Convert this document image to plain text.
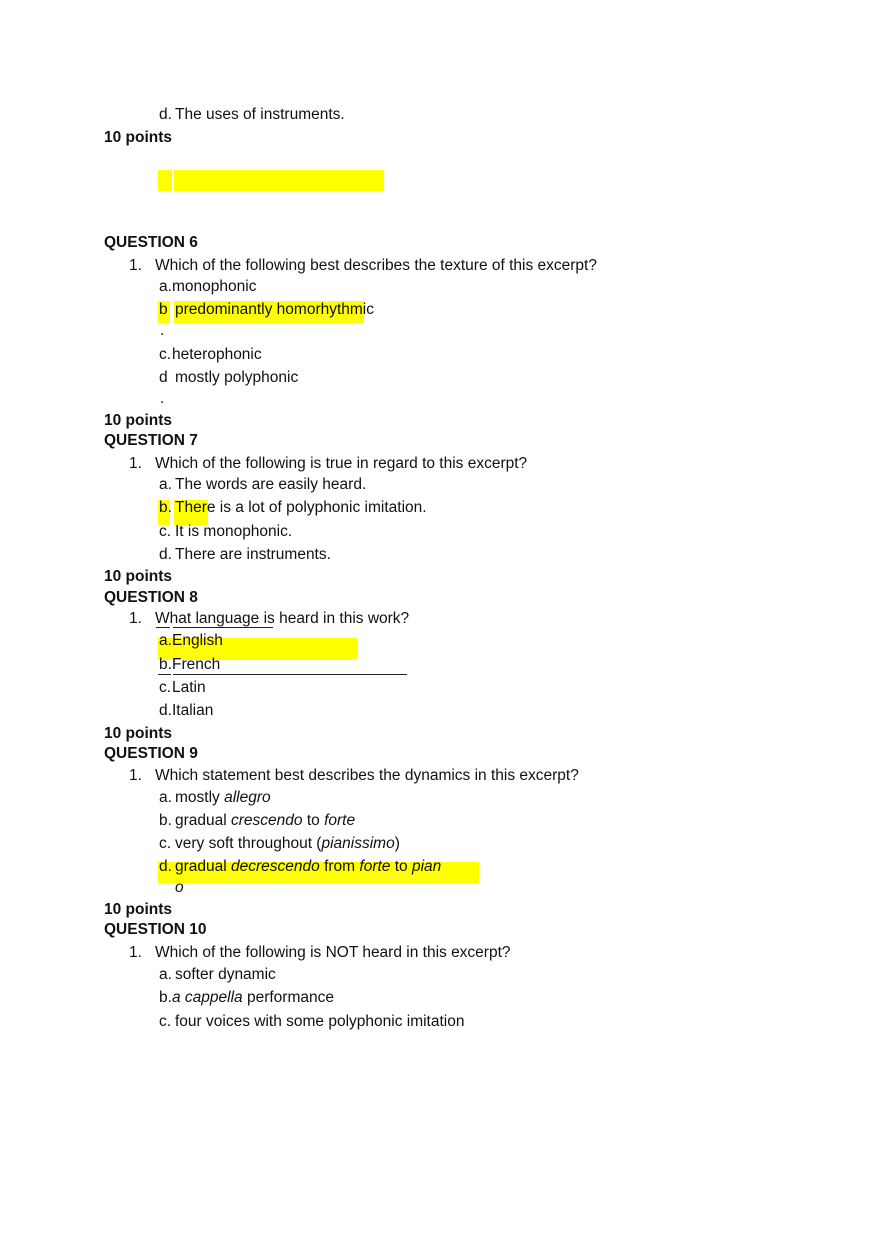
d. The uses of instruments.
10 points
QUESTION 6
1. Which of the following best describes the texture of this excerpt?
a. monophonic
b predominantly homorhythmic
.
c. heterophonic
d mostly polyphonic
.
10 points
QUESTION 7
1. Which of the following is true in regard to this excerpt?
a. The words are easily heard.
b. There is a lot of polyphonic imitation.
c. It is monophonic.
d. There are instruments.
10 points
QUESTION 8
1. What language is heard in this work?
a. English
b. French
c. Latin
d. Italian
10 points
QUESTION 9
1. Which statement best describes the dynamics in this excerpt?
a. mostly allegro
b. gradual crescendo to forte
c. very soft throughout (pianissimo)
d. gradual decrescendo from forte to pian
o
10 points
QUESTION 10
1. Which of the following is NOT heard in this excerpt?
a. softer dynamic
b. a cappella performance
c. four voices with some polyphonic imitation
